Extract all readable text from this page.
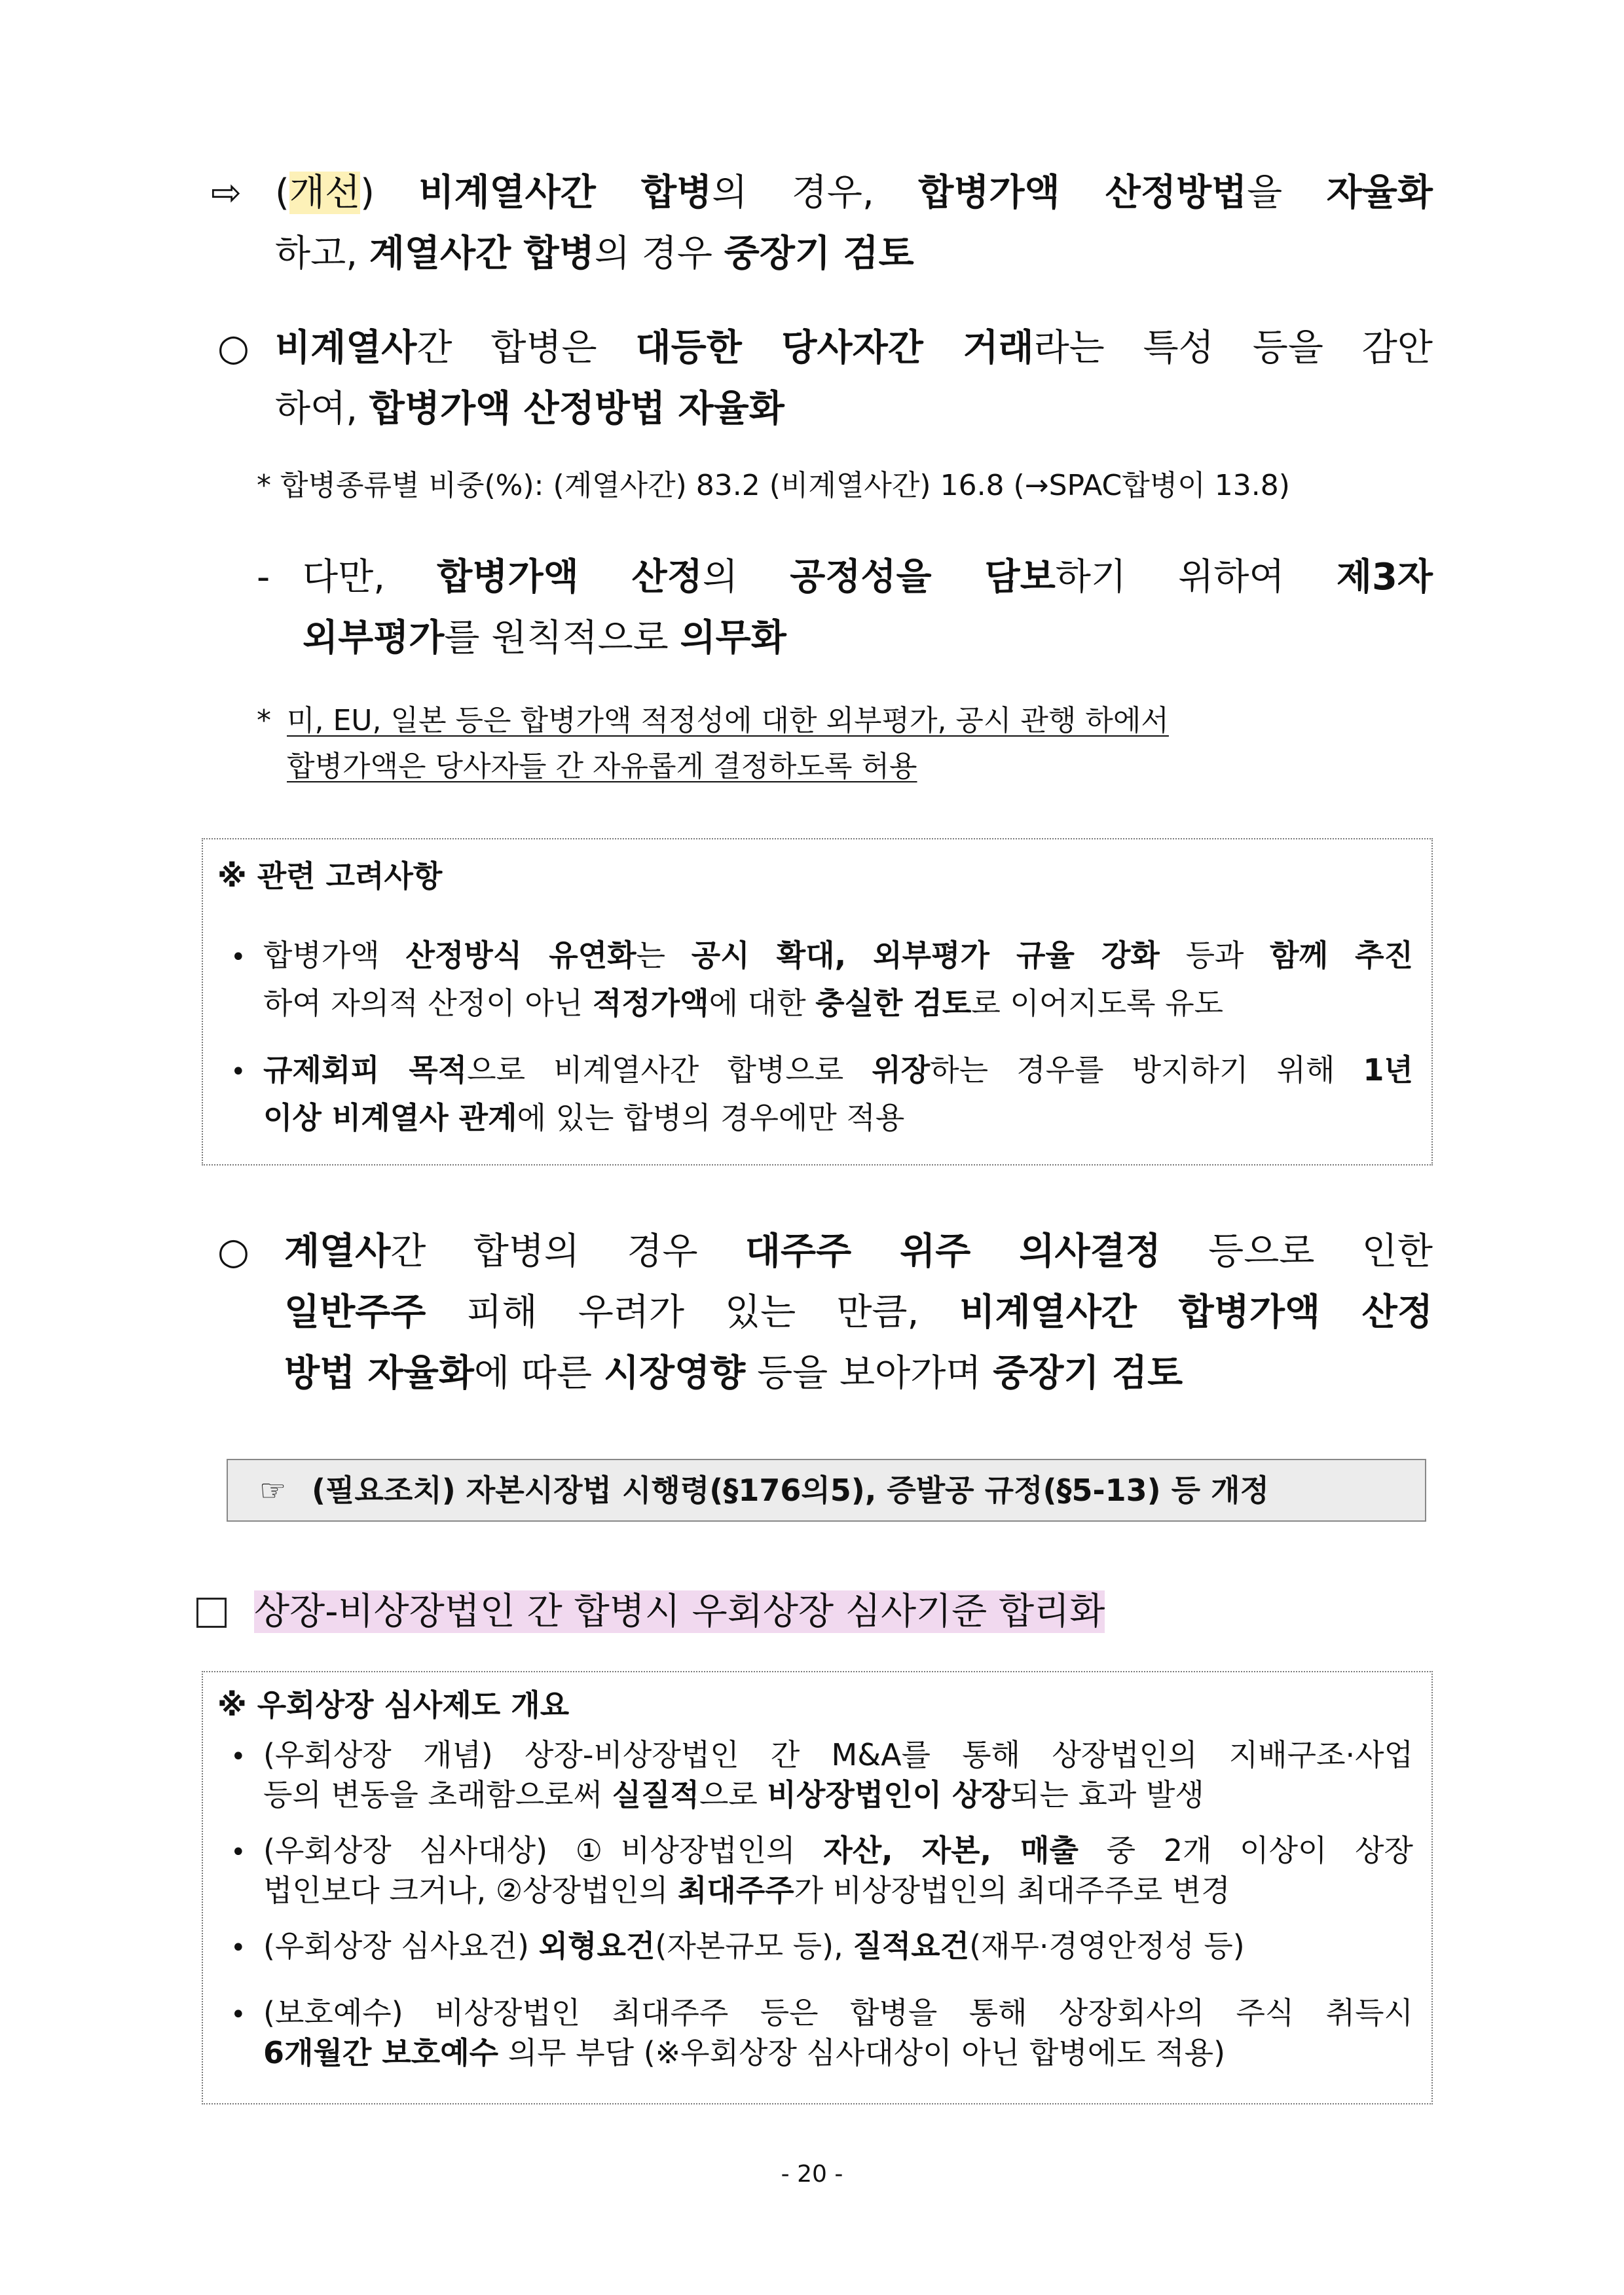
⇨ (개선) 비계열사간 합병의 경우, 합병가액 산정방법을 자율화
하고, 계열사간 합병의 경우 중장기 검토
○ 비계열사간 합병은 대등한 당사자간 거래라는 특성 등을 감안
하여, 합병가액 산정방법 자율화
* 합병종류별 비중(%): (계열사간) 83.2 (비계열사간) 16.8 (→SPAC합병이 13.8)
- 다만, 합병가액 산정의 공정성을 담보하기 위하여 제3자
외부평가를 원칙적으로 의무화
* 미, EU, 일본 등은 합병가액 적정성에 대한 외부평가, 공시 관행 하에서
합병가액은 당사자들 간 자유롭게 결정하도록 허용
※ 관련 고려사항
• 합병가액 산정방식 유연화는 공시 확대, 외부평가 규율 강화 등과 함께 추진
하여 자의적 산정이 아닌 적정가액에 대한 충실한 검토로 이어지도록 유도
• 규제회피 목적으로 비계열사간 합병으로 위장하는 경우를 방지하기 위해 1년
이상 비계열사 관계에 있는 합병의 경우에만 적용
○ 계열사간 합병의 경우 대주주 위주 의사결정 등으로 인한
일반주주 피해 우려가 있는 만큼, 비계열사간 합병가액 산정
방법 자율화에 따른 시장영향 등을 보아가며 중장기 검토
☞ (필요조치) 자본시장법 시행령(§176의5), 증발공 규정(§5-13) 등 개정
상장-비상장법인 간 합병시 우회상장 심사기준 합리화
※ 우회상장 심사제도 개요
• (우회상장 개념) 상장-비상장법인 간 M&A를 통해 상장법인의 지배구조·사업
등의 변동을 초래함으로써 실질적으로 비상장법인이 상장되는 효과 발생
• (우회상장 심사대상) ①비상장법인의 자산, 자본, 매출 중 2개 이상이 상장
법인보다 크거나, ②상장법인의 최대주주가 비상장법인의 최대주주로 변경
• (우회상장 심사요건) 외형요건(자본규모 등), 질적요건(재무·경영안정성 등)
• (보호예수) 비상장법인 최대주주 등은 합병을 통해 상장회사의 주식 취득시
6개월간 보호예수 의무 부담 (※우회상장 심사대상이 아닌 합병에도 적용)
- 20 -
